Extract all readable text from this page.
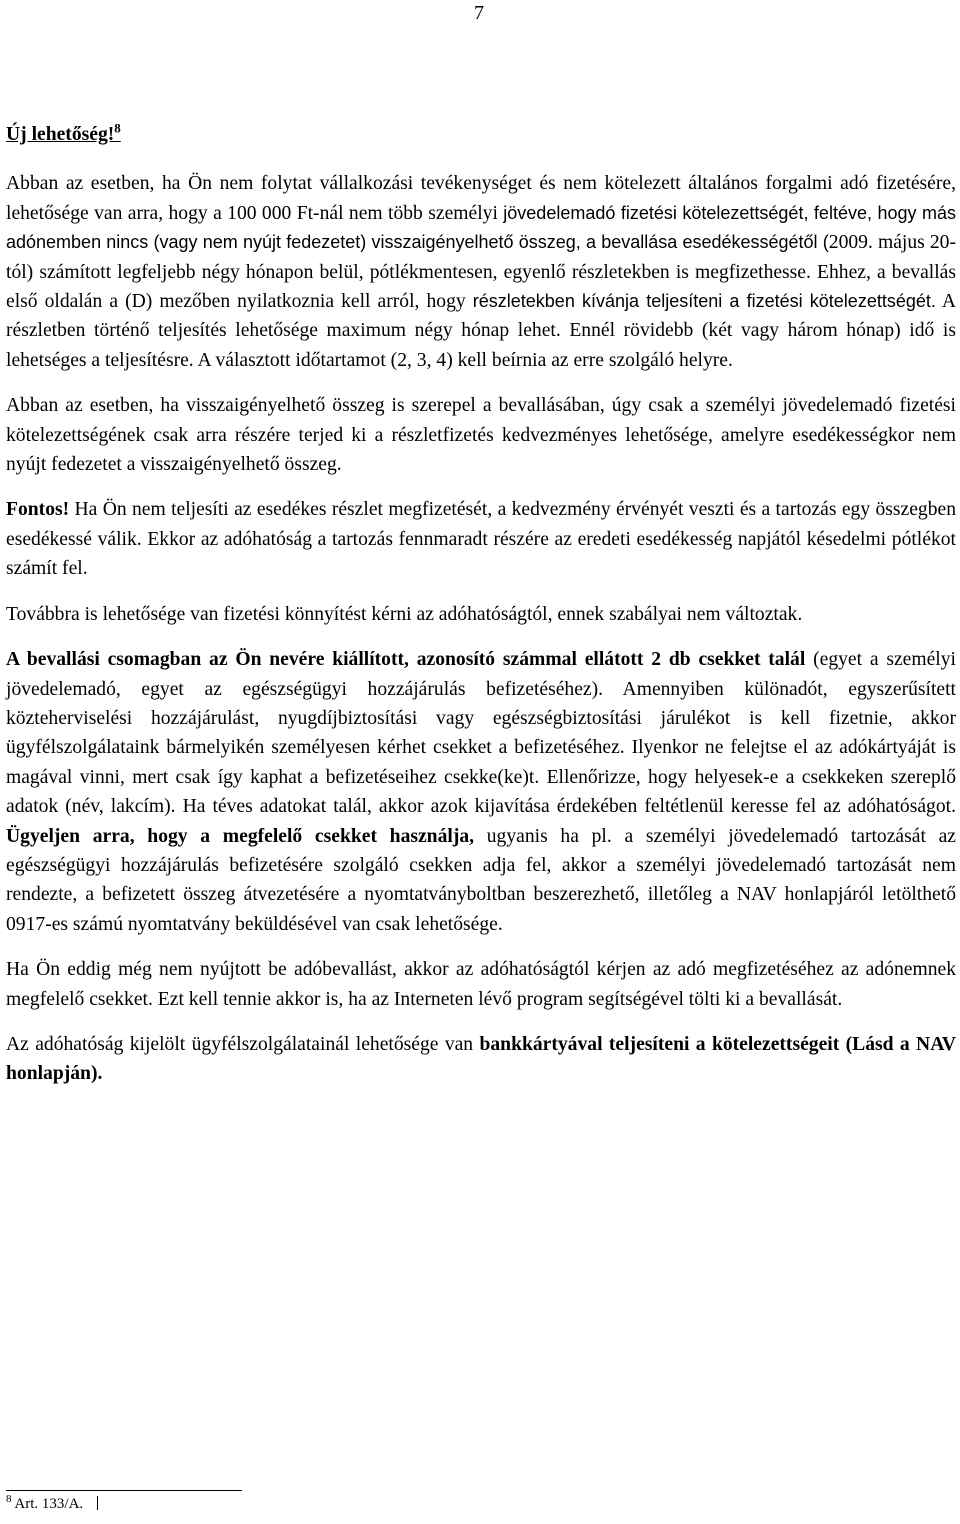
7
Új lehetőség!$^8$

Abban az esetben, ha Ön nem folytat vállalkozási tevékenységet és nem kötelezett általános forgalmi adó fizetésére, lehetősége van arra, hogy a 100 000 Ft-nál nem több személyi jövedelemadó fizetési kötelezettségét, feltéve, hogy más adónemben nincs (vagy nem nyújt fedezetet) visszaigényelhető összeg, a bevallása esedékességétől (2009. május 20-tól) számított legfeljebb négy hónapon belül, pótlékmentesen, egyenlő részletekben is megfizethesse. Ehhez, a bevallás első oldalán a (D) mezőben nyilatkoznia kell arról, hogy részletekben kívánja teljesíteni a fizetési kötelezettségét. A részletben történő teljesítés lehetősége maximum négy hónap lehet. Ennél rövidebb (két vagy három hónap) idő is lehetséges a teljesítésre. A választott időtartamot (2, 3, 4) kell beírnia az erre szolgáló helyre.

Abban az esetben, ha visszaigényelhető összeg is szerepel a bevallásában, úgy csak a személyi jövedelemadó fizetési kötelezettségének csak arra részére terjed ki a részletfizetés kedvezményes lehetősége, amelyre esedékességkor nem nyújt fedezetet a visszaigényelhető összeg.

Fontos! Ha Ön nem teljesíti az esedékes részlet megfizetését, a kedvezmény érvényét veszti és a tartozás egy összegben esedékessé válik. Ekkor az adóhatóság a tartozás fennmaradt részére az eredeti esedékesség napjától késedelmi pótlékot számít fel.

Továbbra is lehetősége van fizetési könnyítést kérni az adóhatóságtól, ennek szabályai nem változtak.

A bevallási csomagban az Ön nevére kiállított, azonosító számmal ellátott 2 db csekket talál (egyet a személyi jövedelemadó, egyet az egészségügyi hozzájárulás befizetéséhez). Amennyiben különadót, egyszerűsített közteherviselési hozzájárulást, nyugdíjbiztosítási vagy egészségbiztosítási járulékot is kell fizetnie, akkor ügyfélszolgálataink bármelyikén személyesen kérhet csekket a befizetéséhez. Ilyenkor ne felejtse el az adókártyáját is magával vinni, mert csak így kaphat a befizetéseihez csekke(ke)t. Ellenőrizze, hogy helyesek-e a csekkeken szereplő adatok (név, lakcím). Ha téves adatokat talál, akkor azok kijavítása érdekében feltétlenül keresse fel az adóhatóságot. Ügyeljen arra, hogy a megfelelő csekket használja, ugyanis ha pl. a személyi jövedelemadó tartozását az egészségügyi hozzájárulás befizetésére szolgáló csekken adja fel, akkor a személyi jövedelemadó tartozását nem rendezte, a befizetett összeg átvezetésére a nyomtatványboltban beszerezhető, illetőleg a NAV honlapjáról letölthető 0917-es számú nyomtatvány beküldésével van csak lehetősége.

Ha Ön eddig még nem nyújtott be adóbevallást, akkor az adóhatóságtól kérjen az adó megfizetéséhez az adónemnek megfelelő csekket. Ezt kell tennie akkor is, ha az Interneten lévő program segítségével tölti ki a bevallását.

Az adóhatóság kijelölt ügyfélszolgálatainál lehetősége van bankkártyával teljesíteni a kötelezettségeit (Lásd a NAV honlapján).

$^8$ Art. 133/A.
